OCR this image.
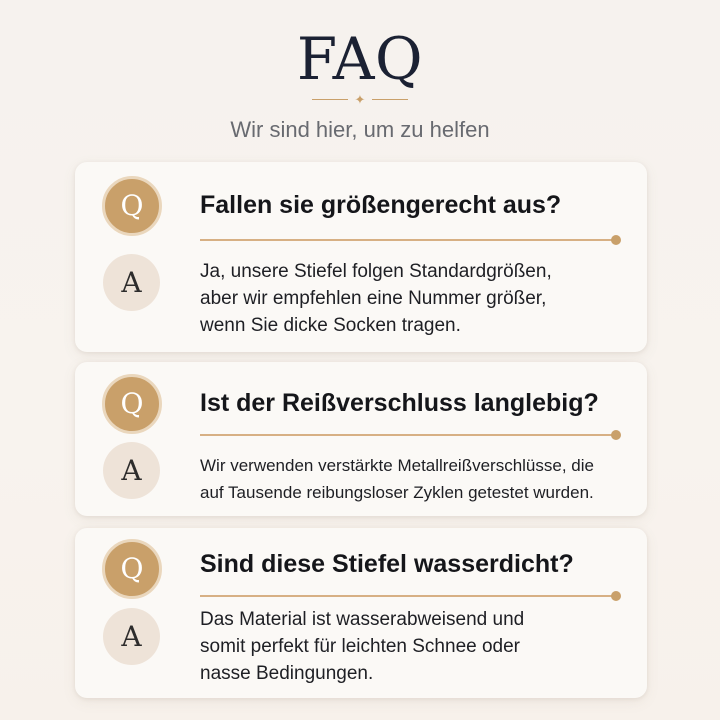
FAQ
✦
Wir sind hier, um zu helfen
Q	Fallen sie größengerecht aus?
A	Ja, unsere Stiefel folgen Standardgrößen,
aber wir empfehlen eine Nummer größer,
wenn Sie dicke Socken tragen.
Q	Ist der Reißverschluss langlebig?
A	Wir verwenden verstärkte Metallreißverschlüsse, die
auf Tausende reibungsloser Zyklen getestet wurden.
Q	Sind diese Stiefel wasserdicht?
A
Das Material ist wasserabweisend und
somit perfekt für leichten Schnee oder
nasse Bedingungen.
